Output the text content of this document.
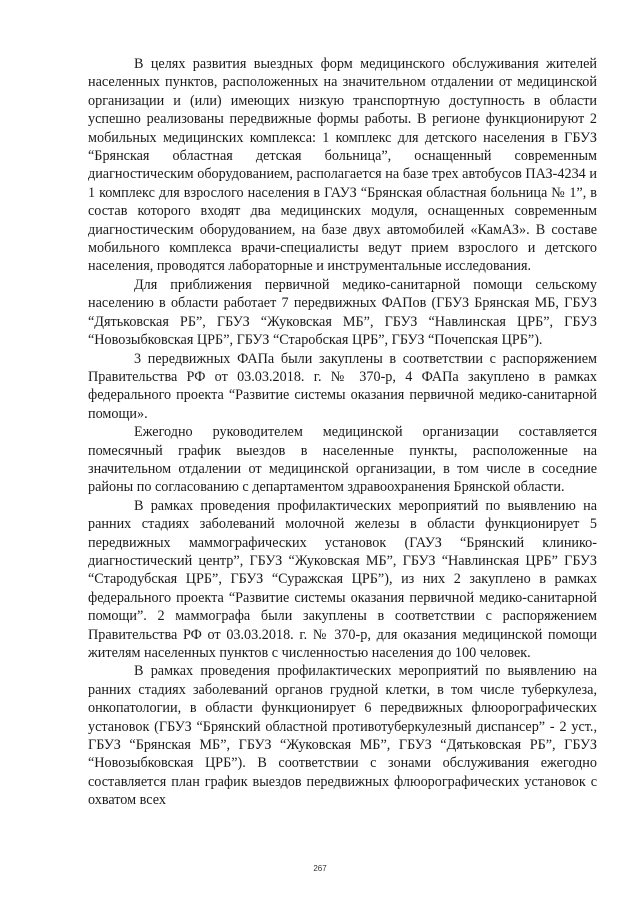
В целях развития выездных форм медицинского обслуживания жителей населенных пунктов, расположенных на значительном отдалении от медицинской организации и (или) имеющих низкую транспортную доступность в области успешно реализованы передвижные формы работы. В регионе функционируют 2 мобильных медицинских комплекса: 1 комплекс для детского населения в ГБУЗ “Брянская областная детская больница”, оснащенный современным диагностическим оборудованием, располагается на базе трех автобусов ПАЗ-4234 и 1 комплекс для взрослого населения в ГАУЗ “Брянская областная больница № 1”, в состав которого входят два медицинских модуля, оснащенных современным диагностическим оборудованием, на базе двух автомобилей «КамАЗ». В составе мобильного комплекса врачи-специалисты ведут прием взрослого и детского населения, проводятся лабораторные и инструментальные исследования.

Для приближения первичной медико-санитарной помощи сельскому населению в области работает 7 передвижных ФАПов (ГБУЗ Брянская МБ, ГБУЗ “Дятьковская РБ”, ГБУЗ “Жуковская МБ”, ГБУЗ “Навлинская ЦРБ”, ГБУЗ “Новозыбковская ЦРБ”, ГБУЗ “Старобская ЦРБ”, ГБУЗ “Почепская ЦРБ”).

3 передвижных ФАПа были закуплены в соответствии с распоряжением Правительства РФ от 03.03.2018. г. № 370-р, 4 ФАПа закуплено в рамках федерального проекта “Развитие системы оказания первичной медико-санитарной помощи».

Ежегодно руководителем медицинской организации составляется помесячный график выездов в населенные пункты, расположенные на значительном отдалении от медицинской организации, в том числе в соседние районы по согласованию с департаментом здравоохранения Брянской области.

В рамках проведения профилактических мероприятий по выявлению на ранних стадиях заболеваний молочной железы в области функционирует 5 передвижных маммографических установок (ГАУЗ “Брянский клинико-диагностический центр”, ГБУЗ “Жуковская МБ”, ГБУЗ “Навлинская ЦРБ” ГБУЗ “Стародубская ЦРБ”, ГБУЗ “Суражская ЦРБ”), из них 2 закуплено в рамках федерального проекта “Развитие системы оказания первичной медико-санитарной помощи”. 2 маммографа были закуплены в соответствии с распоряжением Правительства РФ от 03.03.2018. г. № 370-р, для оказания медицинской помощи жителям населенных пунктов с численностью населения до 100 человек.

В рамках проведения профилактических мероприятий по выявлению на ранних стадиях заболеваний органов грудной клетки, в том числе туберкулеза, онкопатологии, в области функционирует 6 передвижных флюорографических установок (ГБУЗ “Брянский областной противотуберкулезный диспансер” - 2 уст., ГБУЗ “Брянская МБ”, ГБУЗ “Жуковская МБ”, ГБУЗ “Дятьковская РБ”, ГБУЗ “Новозыбковская ЦРБ”). В соответствии с зонами обслуживания ежегодно составляется план график выездов передвижных флюорографических установок с охватом всех

267
